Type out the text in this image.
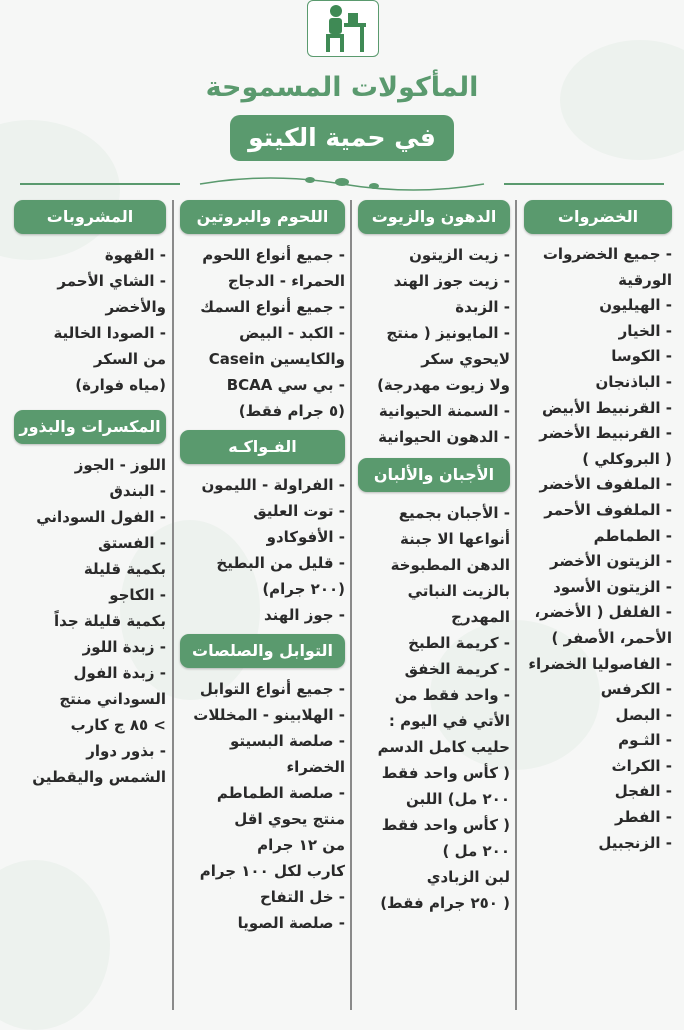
المأكولات المسموحة
في حمية الكيتو
الخضروات
- جميع الخضروات
الورقية
- الهيليون
- الخيار
- الكوسا
- الباذنجان
- القرنبيط الأبيض
- القرنبيط الأخضر
( البروكلي )
- الملفوف الأخضر
- الملفوف الأحمر
- الطماطم
- الزيتون الأخضر
- الزيتون الأسود
- الفلفل ( الأخضر،
الأحمر، الأصفر )
- الفاصوليا الخضراء
- الكرفس
- البصل
- الثـوم
- الكراث
- الفجل
- الفطر
- الزنجبيل
الدهون والزيوت
- زيت الزيتون
- زيت جوز الهند
- الزبدة
- المايونيز ( منتج
لايحوي سكر
ولا زيوت مهدرجة)
- السمنة الحيوانية
- الدهون الحيوانية
الأجبان والألبان
- الأجبان بجميع
أنواعها الا جبنة
الدهن المطبوخة
بالزيت النباتي
المهدرج
- كريمة الطبخ
- كريمة الخفق
- واحد فقط من
الأتي في اليوم :
حليب كامل الدسم
( كأس واحد فقط
٢٠٠ مل) اللبن
( كأس واحد فقط
٢٠٠ مل )
لبن الزبادي
( ٢٥٠ جرام فقط)
اللحوم والبروتين
- جميع أنواع اللحوم
الحمراء - الدجاج
- جميع أنواع السمك
- الكبد - البيض
والكايسين Casein
- بي سي BCAA
(٥ جرام فقط)
الفـواكـه
- الفراولة - الليمون
- توت العليق
- الأفوكادو
- قليل من البطيخ
(٢٠٠ جرام)
- جوز الهند
التوابل والصلصات
- جميع أنواع التوابل
- الهلابينو - المخللات
- صلصة البسيتو
الخضراء
- صلصة الطماطم
منتج يحوي اقل
من ١٢ جرام
كارب لكل ١٠٠ جرام
- خل التفاح
- صلصة الصويا
المشروبات
- القهوة
- الشاي الأحمر
والأخضر
- الصودا الخالية
من السكر
(مياه فوارة)
المكسرات والبذور
اللوز - الجوز
- البندق
- الفول السوداني
- الفستق
بكمية قليلة
- الكاجو
بكمية قليلة جداً
- زبدة اللوز
- زبدة الفول
السوداني منتج
> ٨٥ ج كارب
- بذور دوار
الشمس واليقطين
